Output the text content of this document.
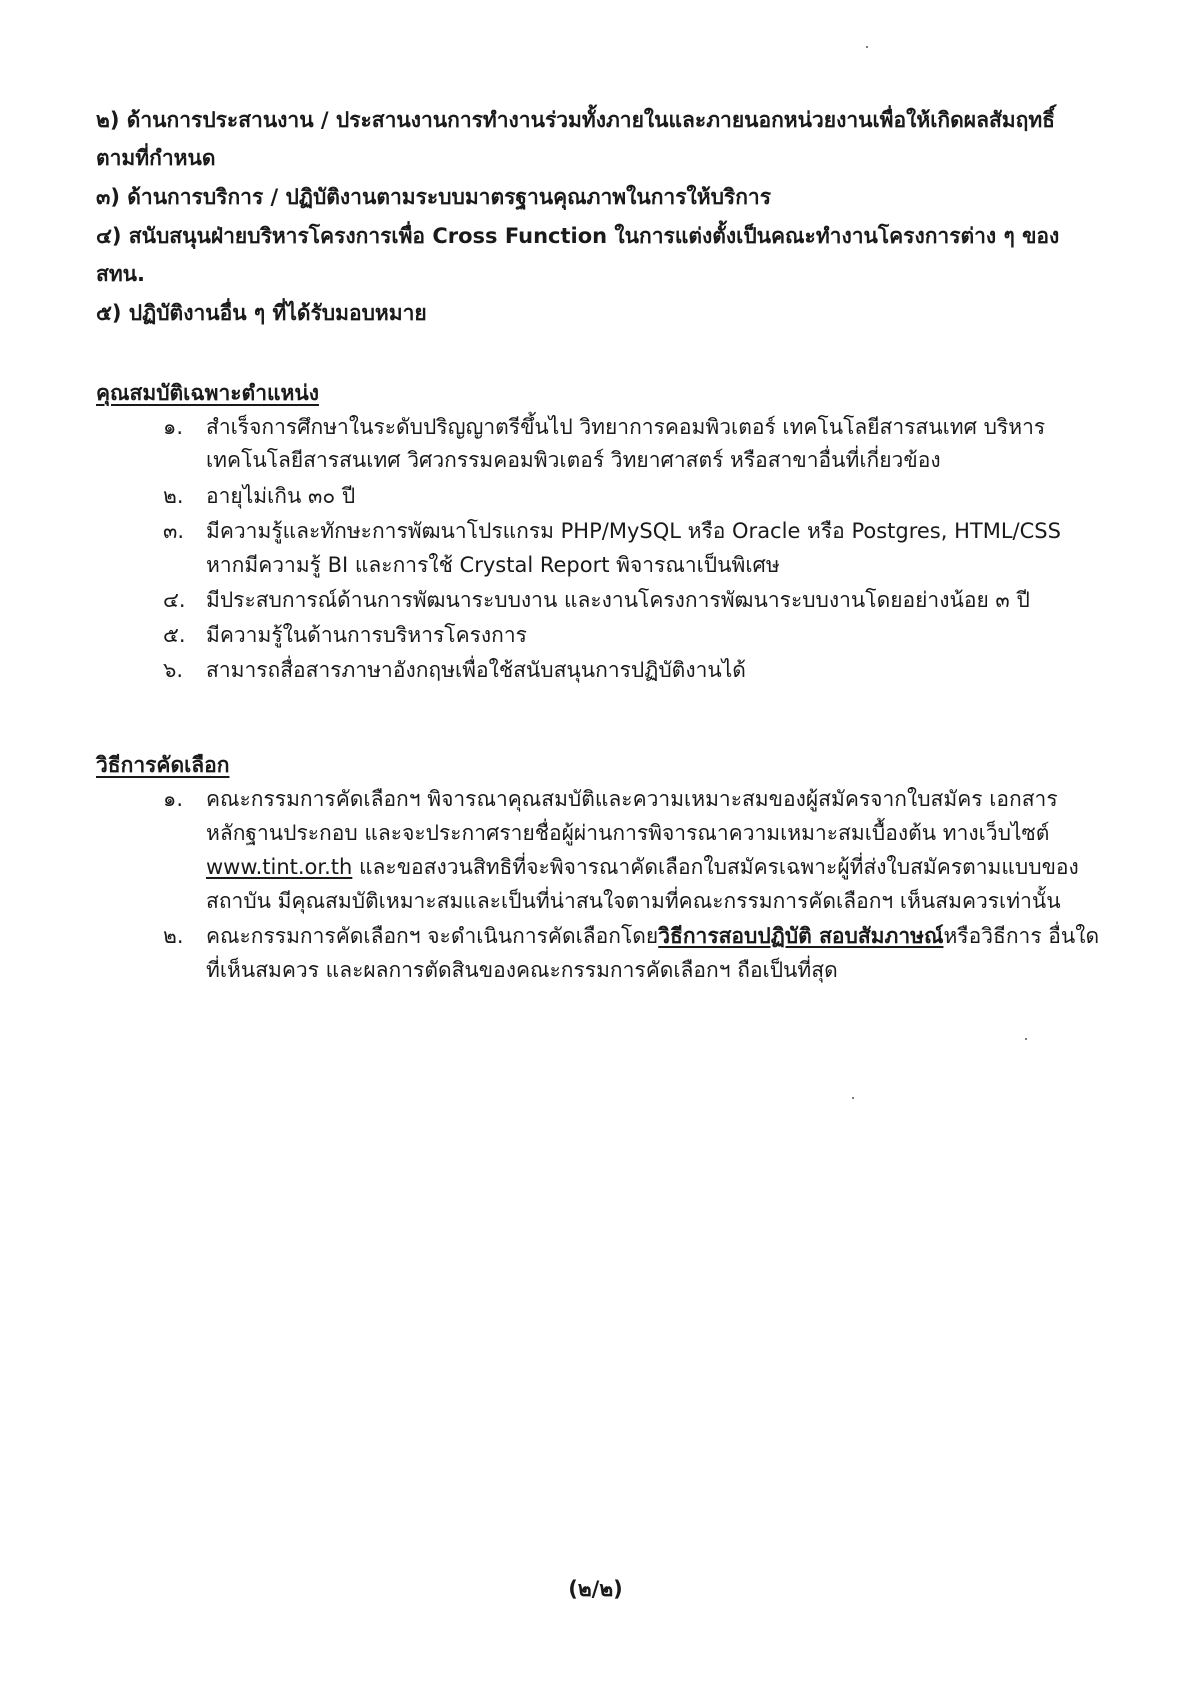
๒) ด้านการประสานงาน / ประสานงานการทำงานร่วมทั้งภายในและภายนอกหน่วยงานเพื่อให้เกิดผลสัมฤทธิ์
ตามที่กำหนด
๓) ด้านการบริการ / ปฏิบัติงานตามระบบมาตรฐานคุณภาพในการให้บริการ
๔) สนับสนุนฝ่ายบริหารโครงการเพื่อ Cross Function ในการแต่งตั้งเป็นคณะทำงานโครงการต่าง ๆ ของ
สทน.
๕) ปฏิบัติงานอื่น ๆ ที่ได้รับมอบหมาย
คุณสมบัติเฉพาะตำแหน่ง
๑. สำเร็จการศึกษาในระดับปริญญาตรีขึ้นไป วิทยาการคอมพิวเตอร์ เทคโนโลยีสารสนเทศ บริหาร
เทคโนโลยีสารสนเทศ วิศวกรรมคอมพิวเตอร์ วิทยาศาสตร์ หรือสาขาอื่นที่เกี่ยวข้อง
๒. อายุไม่เกิน ๓๐ ปี
๓. มีความรู้และทักษะการพัฒนาโปรแกรม PHP/MySQL หรือ Oracle หรือ Postgres, HTML/CSS
หากมีความรู้ BI และการใช้ Crystal Report พิจารณาเป็นพิเศษ
๔. มีประสบการณ์ด้านการพัฒนาระบบงาน และงานโครงการพัฒนาระบบงานโดยอย่างน้อย ๓ ปี
๕. มีความรู้ในด้านการบริหารโครงการ
๖. สามารถสื่อสารภาษาอังกฤษเพื่อใช้สนับสนุนการปฏิบัติงานได้
วิธีการคัดเลือก
๑. คณะกรรมการคัดเลือกฯ พิจารณาคุณสมบัติและความเหมาะสมของผู้สมัครจากใบสมัคร เอกสาร
หลักฐานประกอบ และจะประกาศรายชื่อผู้ผ่านการพิจารณาความเหมาะสมเบื้องต้น ทางเว็บไซต์
www.tint.or.th และขอสงวนสิทธิที่จะพิจารณาคัดเลือกใบสมัครเฉพาะผู้ที่ส่งใบสมัครตามแบบของ
สถาบัน มีคุณสมบัติเหมาะสมและเป็นที่น่าสนใจตามที่คณะกรรมการคัดเลือกฯ เห็นสมควรเท่านั้น
๒. คณะกรรมการคัดเลือกฯ จะดำเนินการคัดเลือกโดยวิธีการสอบปฏิบัติ สอบสัมภาษณ์หรือวิธีการ อื่นใด
ที่เห็นสมควร และผลการตัดสินของคณะกรรมการคัดเลือกฯ ถือเป็นที่สุด
(๒/๒)
